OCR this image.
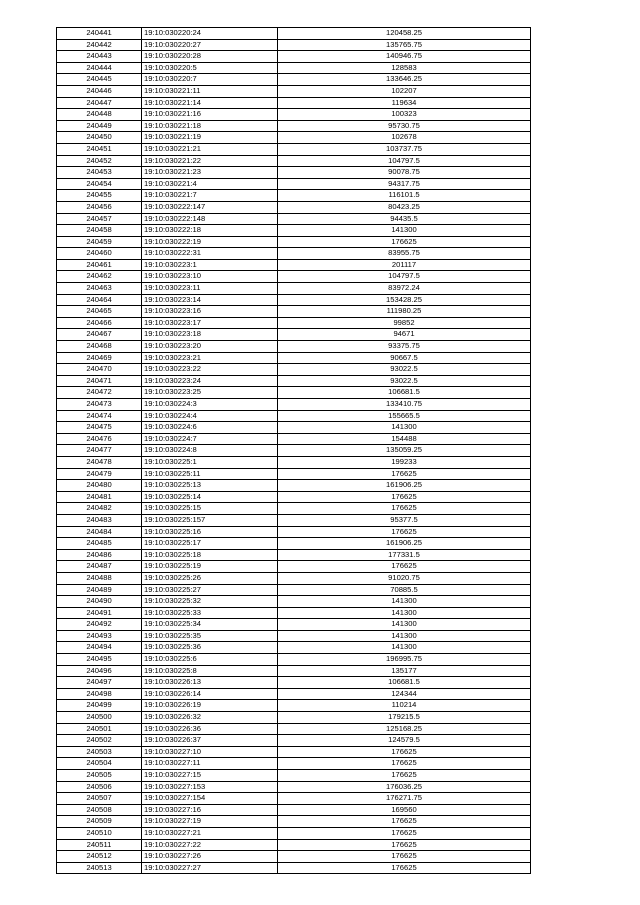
240441	19:10:030220:24	120458.25
240442	19:10:030220:27	135765.75
240443	19:10:030220:28	140946.75
240444	19:10:030220:5	128583
240445	19:10:030220:7	133646.25
240446	19:10:030221:11	102207
240447	19:10:030221:14	119634
240448	19:10:030221:16	100323
240449	19:10:030221:18	95730.75
240450	19:10:030221:19	102678
240451	19:10:030221:21	103737.75
240452	19:10:030221:22	104797.5
240453	19:10:030221:23	90078.75
240454	19:10:030221:4	94317.75
240455	19:10:030221:7	116101.5
240456	19:10:030222:147	80423.25
240457	19:10:030222:148	94435.5
240458	19:10:030222:18	141300
240459	19:10:030222:19	176625
240460	19:10:030222:31	83955.75
240461	19:10:030223:1	201117
240462	19:10:030223:10	104797.5
240463	19:10:030223:11	83972.24
240464	19:10:030223:14	153428.25
240465	19:10:030223:16	111980.25
240466	19:10:030223:17	99852
240467	19:10:030223:18	94671
240468	19:10:030223:20	93375.75
240469	19:10:030223:21	90667.5
240470	19:10:030223:22	93022.5
240471	19:10:030223:24	93022.5
240472	19:10:030223:25	106681.5
240473	19:10:030224:3	133410.75
240474	19:10:030224:4	155665.5
240475	19:10:030224:6	141300
240476	19:10:030224:7	154488
240477	19:10:030224:8	135059.25
240478	19:10:030225:1	199233
240479	19:10:030225:11	176625
240480	19:10:030225:13	161906.25
240481	19:10:030225:14	176625
240482	19:10:030225:15	176625
240483	19:10:030225:157	95377.5
240484	19:10:030225:16	176625
240485	19:10:030225:17	161906.25
240486	19:10:030225:18	177331.5
240487	19:10:030225:19	176625
240488	19:10:030225:26	91020.75
240489	19:10:030225:27	70885.5
240490	19:10:030225:32	141300
240491	19:10:030225:33	141300
240492	19:10:030225:34	141300
240493	19:10:030225:35	141300
240494	19:10:030225:36	141300
240495	19:10:030225:6	196995.75
240496	19:10:030225:8	135177
240497	19:10:030226:13	106681.5
240498	19:10:030226:14	124344
240499	19:10:030226:19	110214
240500	19:10:030226:32	179215.5
240501	19:10:030226:36	125168.25
240502	19:10:030226:37	124579.5
240503	19:10:030227:10	176625
240504	19:10:030227:11	176625
240505	19:10:030227:15	176625
240506	19:10:030227:153	176036.25
240507	19:10:030227:154	176271.75
240508	19:10:030227:16	169560
240509	19:10:030227:19	176625
240510	19:10:030227:21	176625
240511	19:10:030227:22	176625
240512	19:10:030227:26	176625
240513	19:10:030227:27	176625
